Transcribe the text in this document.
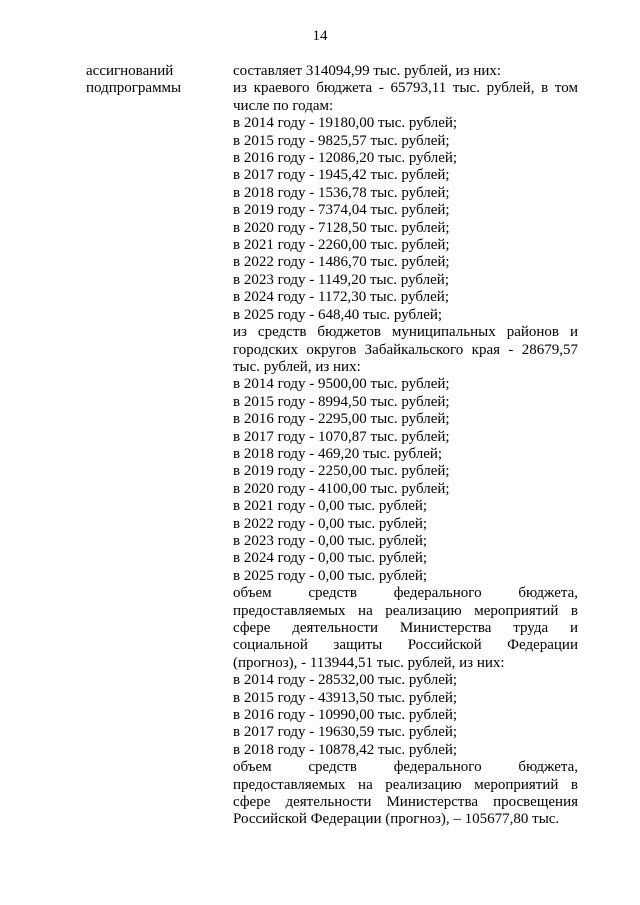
14
ассигнований
подпрограммы
составляет 314094,99 тыс. рублей, из них:
из краевого бюджета - 65793,11 тыс. рублей, в том числе по годам:
в 2014 году - 19180,00 тыс. рублей;
в 2015 году - 9825,57 тыс. рублей;
в 2016 году - 12086,20 тыс. рублей;
в 2017 году - 1945,42 тыс. рублей;
в 2018 году - 1536,78 тыс. рублей;
в 2019 году - 7374,04 тыс. рублей;
в 2020 году - 7128,50 тыс. рублей;
в 2021 году - 2260,00 тыс. рублей;
в 2022 году - 1486,70 тыс. рублей;
в 2023 году - 1149,20 тыс. рублей;
в 2024 году - 1172,30 тыс. рублей;
в 2025 году - 648,40 тыс. рублей;
из средств бюджетов муниципальных районов и городских округов Забайкальского края - 28679,57 тыс. рублей, из них:
в 2014 году - 9500,00 тыс. рублей;
в 2015 году - 8994,50 тыс. рублей;
в 2016 году - 2295,00 тыс. рублей;
в 2017 году - 1070,87 тыс. рублей;
в 2018 году - 469,20 тыс. рублей;
в 2019 году - 2250,00 тыс. рублей;
в 2020 году - 4100,00 тыс. рублей;
в 2021 году - 0,00 тыс. рублей;
в 2022 году - 0,00 тыс. рублей;
в 2023 году - 0,00 тыс. рублей;
в 2024 году - 0,00 тыс. рублей;
в 2025 году - 0,00 тыс. рублей;
объем средств федерального бюджета, предоставляемых на реализацию мероприятий в сфере деятельности Министерства труда и социальной защиты Российской Федерации (прогноз), - 113944,51 тыс. рублей, из них:
в 2014 году - 28532,00 тыс. рублей;
в 2015 году - 43913,50 тыс. рублей;
в 2016 году - 10990,00 тыс. рублей;
в 2017 году - 19630,59 тыс. рублей;
в 2018 году - 10878,42 тыс. рублей;
объем средств федерального бюджета, предоставляемых на реализацию мероприятий в сфере деятельности Министерства просвещения Российской Федерации (прогноз), – 105677,80 тыс.
